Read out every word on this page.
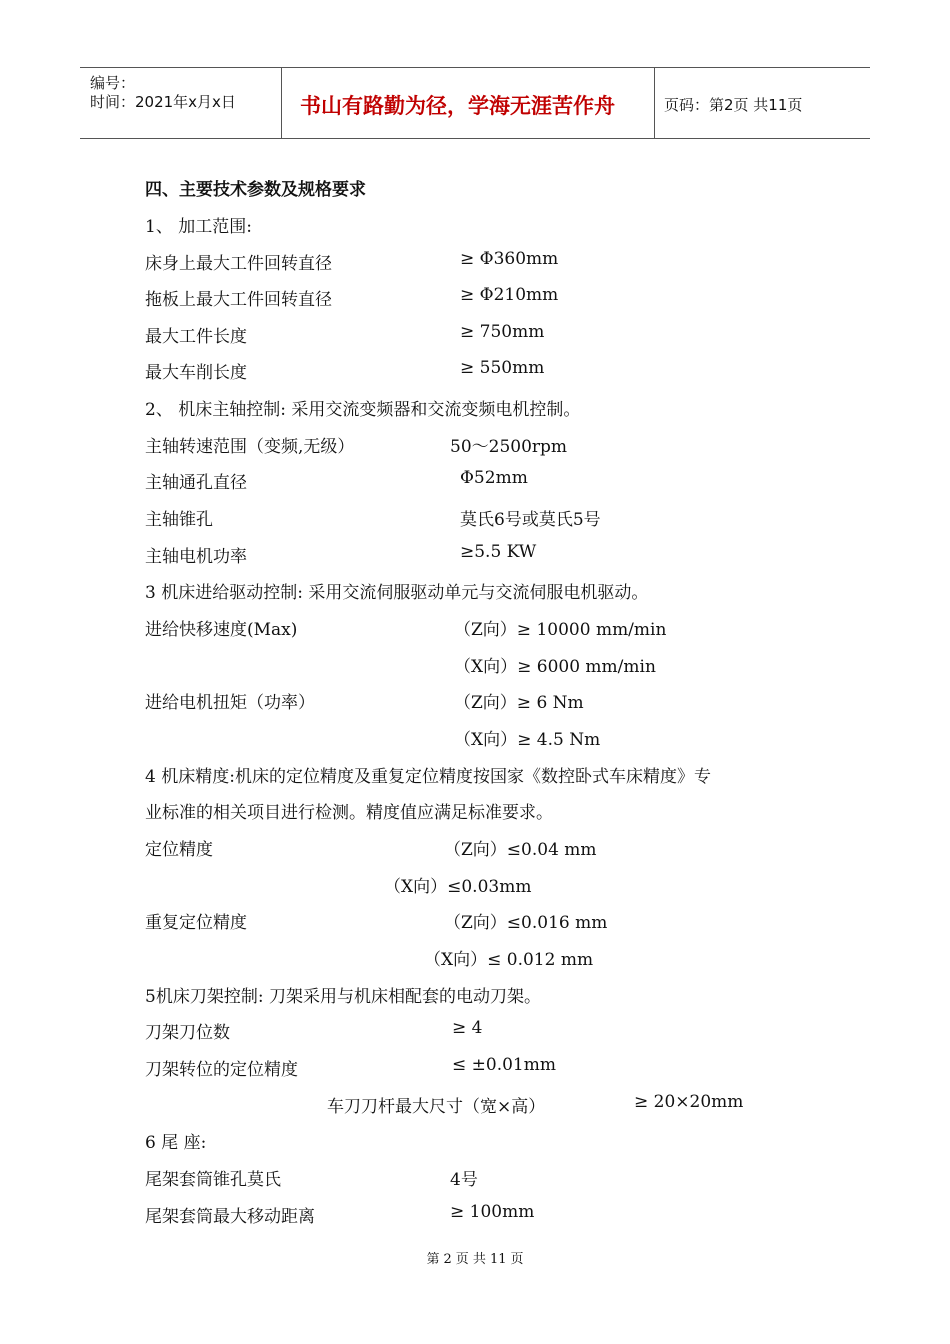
编号：
时间：2021年x月x日	书山有路勤为径，学海无涯苦作舟	页码：第2页 共11页
四、主要技术参数及规格要求
1、 加工范围:
床身上最大工件回转直径	≥ Φ360mm
拖板上最大工件回转直径	≥ Φ210mm
最大工件长度	≥ 750mm
最大车削长度	≥ 550mm
2、 机床主轴控制: 采用交流变频器和交流变频电机控制。
主轴转速范围（变频,无级）	50～2500rpm
主轴通孔直径	Φ52mm
主轴锥孔	莫氏6号或莫氏5号
主轴电机功率	≥5.5 KW
3 机床进给驱动控制: 采用交流伺服驱动单元与交流伺服电机驱动。
进给快移速度(Max)	（Z向）≥ 10000 mm/min
（X向）≥ 6000 mm/min
进给电机扭矩（功率）	（Z向）≥ 6 Nm
（X向）≥ 4.5 Nm
4 机床精度:机床的定位精度及重复定位精度按国家《数控卧式车床精度》专
业标准的相关项目进行检测。精度值应满足标准要求。
定位精度	（Z向）≤0.04 mm
（X向）≤0.03mm
重复定位精度	（Z向）≤0.016 mm
（X向）≤ 0.012 mm
5机床刀架控制: 刀架采用与机床相配套的电动刀架。
刀架刀位数	≥ 4
刀架转位的定位精度	≤ ±0.01mm
车刀刀杆最大尺寸（宽×高）	≥ 20×20mm
6 尾 座:
尾架套筒锥孔莫氏	4号
尾架套筒最大移动距离	≥ 100mm
第 2 页 共 11 页
